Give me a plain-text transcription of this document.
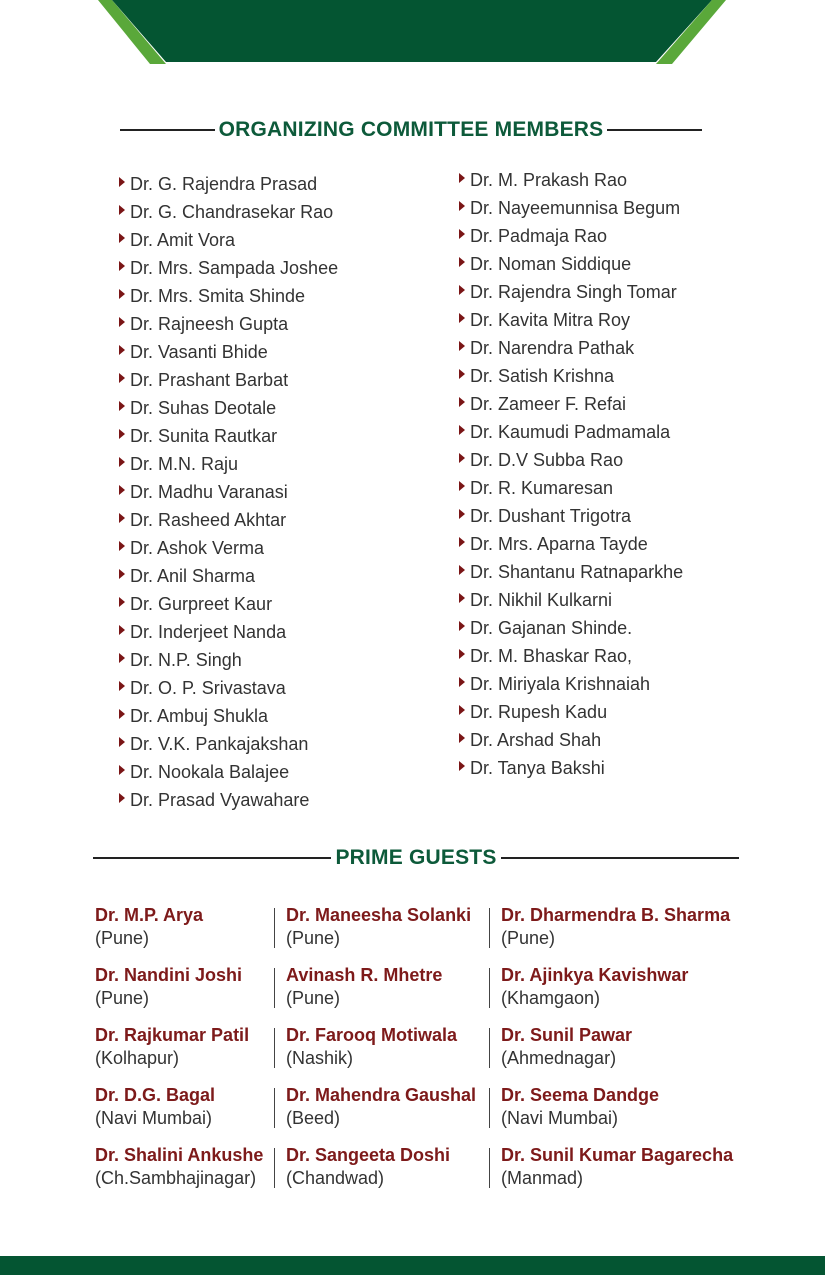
ORGANIZING COMMITTEE MEMBERS
Dr. G. Rajendra Prasad
Dr. G. Chandrasekar Rao
Dr. Amit Vora
Dr. Mrs. Sampada Joshee
Dr. Mrs. Smita Shinde
Dr. Rajneesh Gupta
Dr. Vasanti Bhide
Dr. Prashant Barbat
Dr. Suhas Deotale
Dr. Sunita Rautkar
Dr. M.N. Raju
Dr. Madhu Varanasi
Dr. Rasheed Akhtar
Dr. Ashok Verma
Dr. Anil Sharma
Dr. Gurpreet Kaur
Dr. Inderjeet Nanda
Dr. N.P. Singh
Dr. O. P. Srivastava
Dr. Ambuj Shukla
Dr. V.K. Pankajakshan
Dr. Nookala Balajee
Dr. Prasad Vyawahare
Dr. M. Prakash Rao
Dr. Nayeemunnisa Begum
Dr. Padmaja Rao
Dr. Noman Siddique
Dr. Rajendra Singh Tomar
Dr. Kavita Mitra Roy
Dr. Narendra Pathak
Dr. Satish Krishna
Dr. Zameer F. Refai
Dr. Kaumudi Padmamala
Dr. D.V Subba Rao
Dr. R. Kumaresan
Dr. Dushant Trigotra
Dr. Mrs. Aparna Tayde
Dr. Shantanu Ratnaparkhe
Dr. Nikhil Kulkarni
Dr. Gajanan Shinde.
Dr. M. Bhaskar Rao,
Dr. Miriyala Krishnaiah
Dr. Rupesh Kadu
Dr. Arshad Shah
Dr. Tanya Bakshi
PRIME GUESTS
Dr. M.P. Arya
(Pune)
Dr. Maneesha Solanki
(Pune)
Dr. Dharmendra B. Sharma
(Pune)
Dr. Nandini Joshi
(Pune)
Avinash R. Mhetre
(Pune)
Dr. Ajinkya Kavishwar
(Khamgaon)
Dr. Rajkumar Patil
(Kolhapur)
Dr. Farooq Motiwala
(Nashik)
Dr. Sunil Pawar
(Ahmednagar)
Dr. D.G. Bagal
(Navi Mumbai)
Dr. Mahendra Gaushal
(Beed)
Dr. Seema Dandge
(Navi Mumbai)
Dr. Shalini Ankushe
(Ch.Sambhajinagar)
Dr. Sangeeta Doshi
(Chandwad)
Dr. Sunil Kumar Bagarecha
(Manmad)
